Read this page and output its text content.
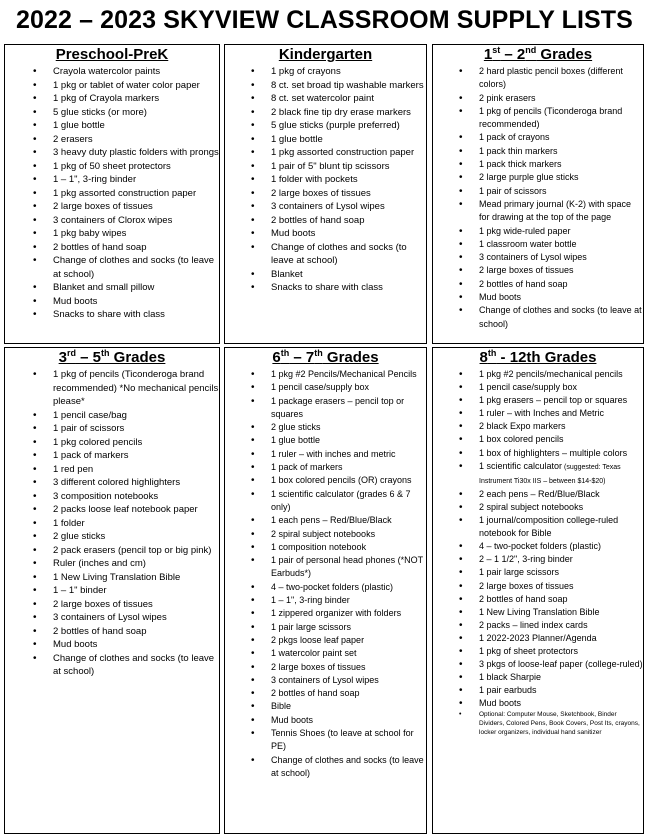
2022 – 2023 SKYVIEW CLASSROOM SUPPLY LISTS
Preschool-PreK
• Crayola watercolor paints
• 1 pkg or tablet of water color paper
• 1 pkg of Crayola markers
• 5 glue sticks (or more)
• 1 glue bottle
• 2 erasers
• 3 heavy duty plastic folders with prongs
• 1 pkg of 50 sheet protectors
• 1 – 1", 3-ring binder
• 1 pkg assorted construction paper
• 2 large boxes of tissues
• 3 containers of Clorox wipes
• 1 pkg baby wipes
• 2 bottles of hand soap
• Change of clothes and socks (to leave at school)
• Blanket and small pillow
• Mud boots
• Snacks to share with class
Kindergarten
• 1 pkg of crayons
• 8 ct. set broad tip washable markers
• 8 ct. set watercolor paint
• 2 black fine tip dry erase markers
• 5 glue sticks (purple preferred)
• 1 glue bottle
• 1 pkg assorted construction paper
• 1 pair of 5" blunt tip scissors
• 1 folder with pockets
• 2 large boxes of tissues
• 3 containers of Lysol wipes
• 2 bottles of hand soap
• Mud boots
• Change of clothes and socks (to leave at school)
• Blanket
• Snacks to share with class
1st – 2nd Grades
• 2 hard plastic pencil boxes (different colors)
• 2 pink erasers
• 1 pkg of pencils (Ticonderoga brand recommended)
• 1 pack of crayons
• 1 pack thin markers
• 1 pack thick markers
• 2 large purple glue sticks
• 1 pair of scissors
• Mead primary journal (K-2) with space for drawing at the top of the page
• 1 pkg wide-ruled paper
• 1 classroom water bottle
• 3 containers of Lysol wipes
• 2 large boxes of tissues
• 2 bottles of hand soap
• Mud boots
• Change of clothes and socks (to leave at school)
3rd – 5th Grades
• 1 pkg of pencils (Ticonderoga brand recommended) *No mechanical pencils please*
• 1 pencil case/bag
• 1 pair of scissors
• 1 pkg colored pencils
• 1 pack of markers
• 1 red pen
• 3 different colored highlighters
• 3 composition notebooks
• 2 packs loose leaf notebook paper
• 1 folder
• 2 glue sticks
• 2 pack erasers (pencil top or big pink)
• Ruler (inches and cm)
• 1 New Living Translation Bible
• 1 – 1" binder
• 2 large boxes of tissues
• 3 containers of Lysol wipes
• 2 bottles of hand soap
• Mud boots
• Change of clothes and socks (to leave at school)
6th – 7th Grades
• 1 pkg #2 Pencils/Mechanical Pencils
• 1 pencil case/supply box
• 1 package erasers – pencil top or squares
• 2 glue sticks
• 1 glue bottle
• 1 ruler – with inches and metric
• 1 pack of markers
• 1 box colored pencils (OR) crayons
• 1 scientific calculator (grades 6 & 7 only)
• 1 each pens – Red/Blue/Black
• 2 spiral subject notebooks
• 1 composition notebook
• 1 pair of personal head phones (*NOT Earbuds*)
• 4 – two-pocket folders (plastic)
• 1 – 1", 3-ring binder
• 1 zippered organizer with folders
• 1 pair large scissors
• 2 pkgs loose leaf paper
• 1 watercolor paint set
• 2 large boxes of tissues
• 3 containers of Lysol wipes
• 2 bottles of hand soap
• Bible
• Mud boots
• Tennis Shoes (to leave at school for PE)
• Change of clothes and socks (to leave at school)
8th - 12th Grades
• 1 pkg #2 pencils/mechanical pencils
• 1 pencil case/supply box
• 1 pkg erasers – pencil top or squares
• 1 ruler – with Inches and Metric
• 2 black Expo markers
• 1 box colored pencils
• 1 box of highlighters – multiple colors
• 1 scientific calculator (suggested: Texas Instrument Ti30x IIS – between $14-$20)
• 2 each pens – Red/Blue/Black
• 2 spiral subject notebooks
• 1 journal/composition college-ruled notebook for Bible
• 4 – two-pocket folders (plastic)
• 2 – 1 1/2", 3-ring binder
• 1 pair large scissors
• 2 large boxes of tissues
• 2 bottles of hand soap
• 1 New Living Translation Bible
• 2 packs – lined index cards
• 1 2022-2023 Planner/Agenda
• 1 pkg of sheet protectors
• 3 pkgs of loose-leaf paper (college-ruled)
• 1 black Sharpie
• 1 pair earbuds
• Mud boots
• Optional: Computer Mouse, Sketchbook, Binder Dividers, Colored Pens, Book Covers, Post Its, crayons, locker organizers, individual hand sanitizer
